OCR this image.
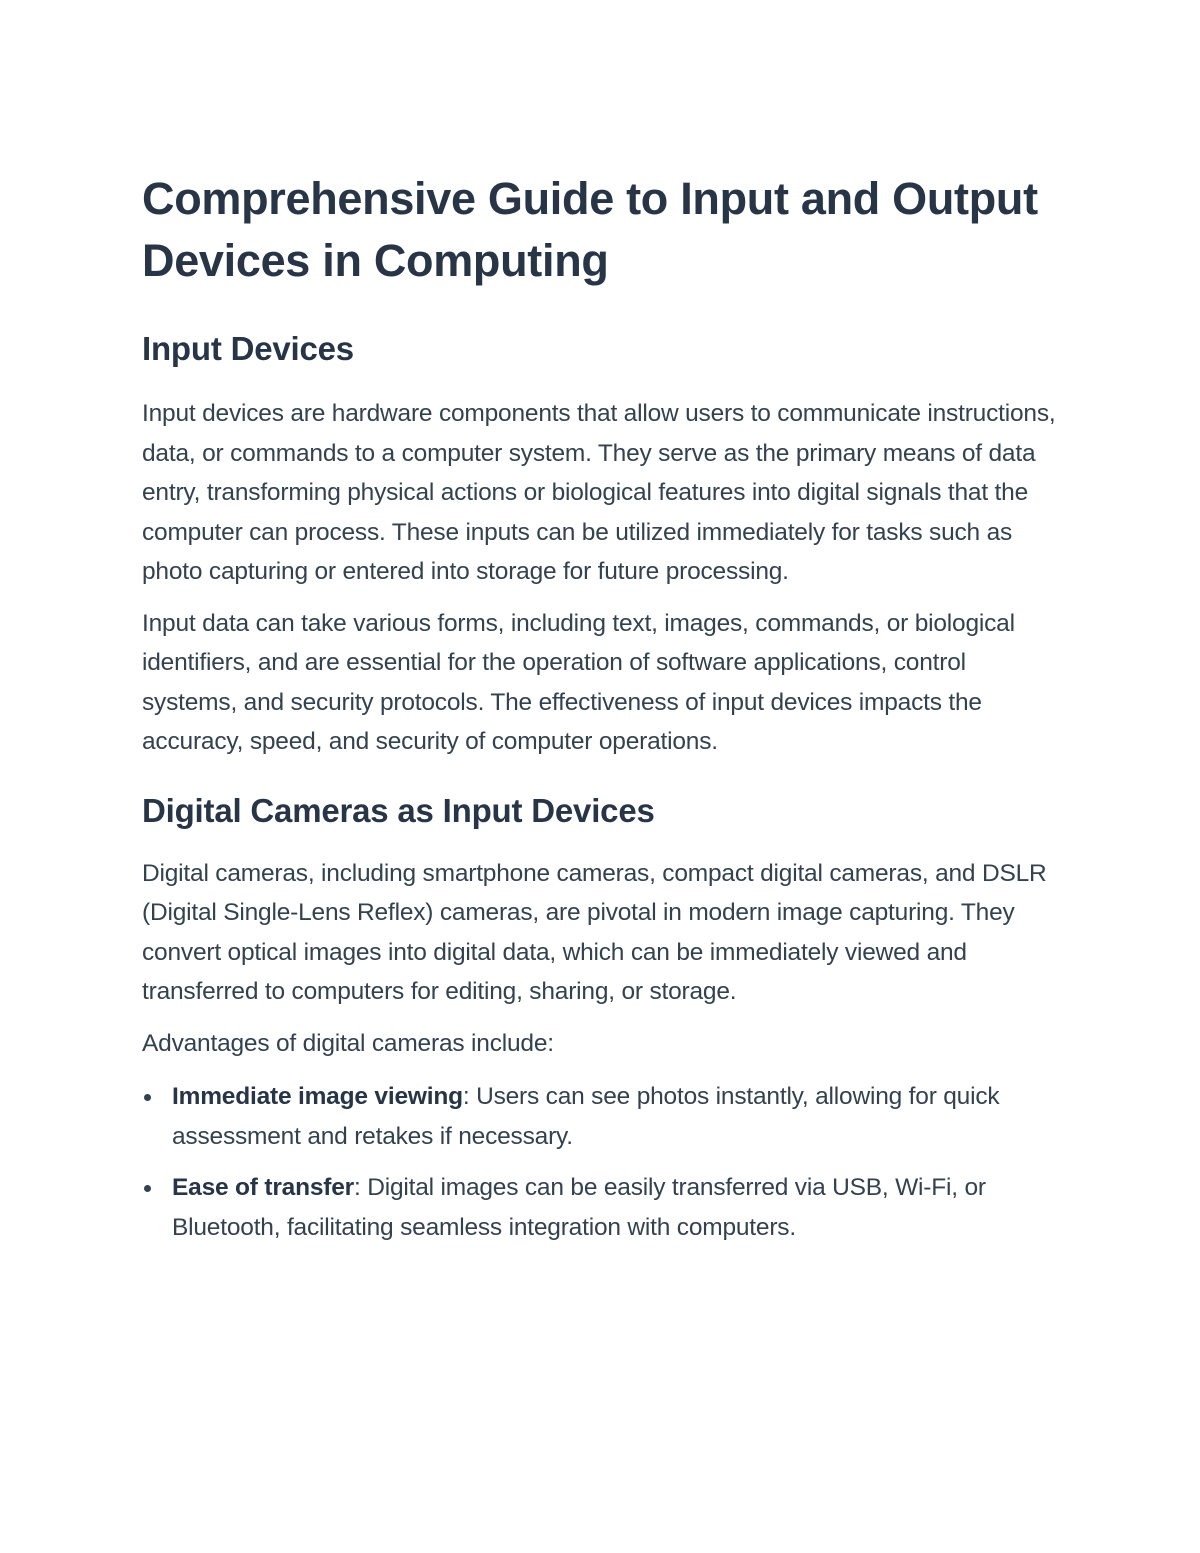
Comprehensive Guide to Input and Output Devices in Computing
Input Devices

Input devices are hardware components that allow users to communicate instructions, data, or commands to a computer system. They serve as the primary means of data entry, transforming physical actions or biological features into digital signals that the computer can process. These inputs can be utilized immediately for tasks such as photo capturing or entered into storage for future processing.

Input data can take various forms, including text, images, commands, or biological identifiers, and are essential for the operation of software applications, control systems, and security protocols. The effectiveness of input devices impacts the accuracy, speed, and security of computer operations.

Digital Cameras as Input Devices

Digital cameras, including smartphone cameras, compact digital cameras, and DSLR (Digital Single-Lens Reflex) cameras, are pivotal in modern image capturing. They convert optical images into digital data, which can be immediately viewed and transferred to computers for editing, sharing, or storage.

Advantages of digital cameras include:

Immediate image viewing: Users can see photos instantly, allowing for quick assessment and retakes if necessary.
Ease of transfer: Digital images can be easily transferred via USB, Wi-Fi, or Bluetooth, facilitating seamless integration with computers.
